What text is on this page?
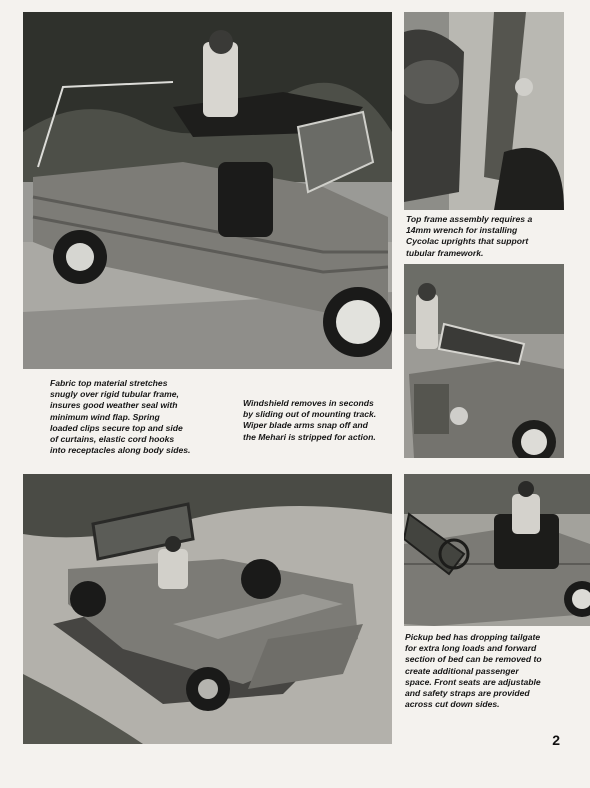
Top frame assembly requires a
14mm wrench for installing
Cycolac uprights that support
tubular framework.

Fabric top material stretches
snugly over rigid tubular frame,
insures good weather seal with
minimum wind flap. Spring
loaded clips secure top and side
of curtains, elastic cord hooks
into receptacles along body sides.

Windshield removes in seconds
by sliding out of mounting track.
Wiper blade arms snap off and
the Mehari is stripped for action.

Pickup bed has dropping tailgate
for extra long loads and forward
section of bed can be removed to
create additional passenger
space. Front seats are adjustable
and safety straps are provided
across cut down sides.

2
